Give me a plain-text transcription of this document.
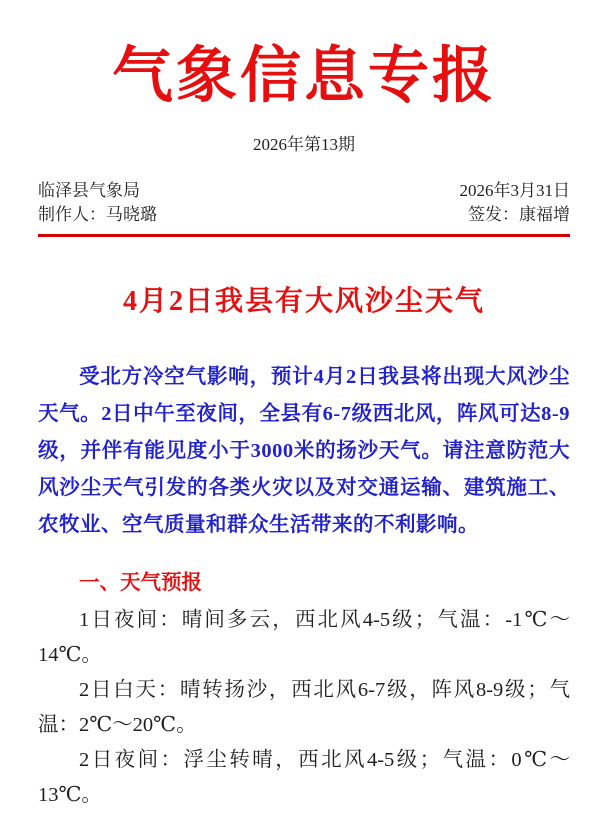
气象信息专报
2026年第13期
临泽县气象局	2026年3月31日
制作人：马晓璐	签发：康福增
4月2日我县有大风沙尘天气

受北方冷空气影响，预计4月2日我县将出现大风沙尘天气。2日中午至夜间，全县有6-7级西北风，阵风可达8-9级，并伴有能见度小于3000米的扬沙天气。请注意防范大风沙尘天气引发的各类火灾以及对交通运输、建筑施工、农牧业、空气质量和群众生活带来的不利影响。

一、天气预报

1日夜间：晴间多云，西北风4-5级；气温：-1℃～14℃。

2日白天：晴转扬沙，西北风6-7级，阵风8-9级；气温：2℃～20℃。

2日夜间：浮尘转晴，西北风4-5级；气温：0℃～13℃。
